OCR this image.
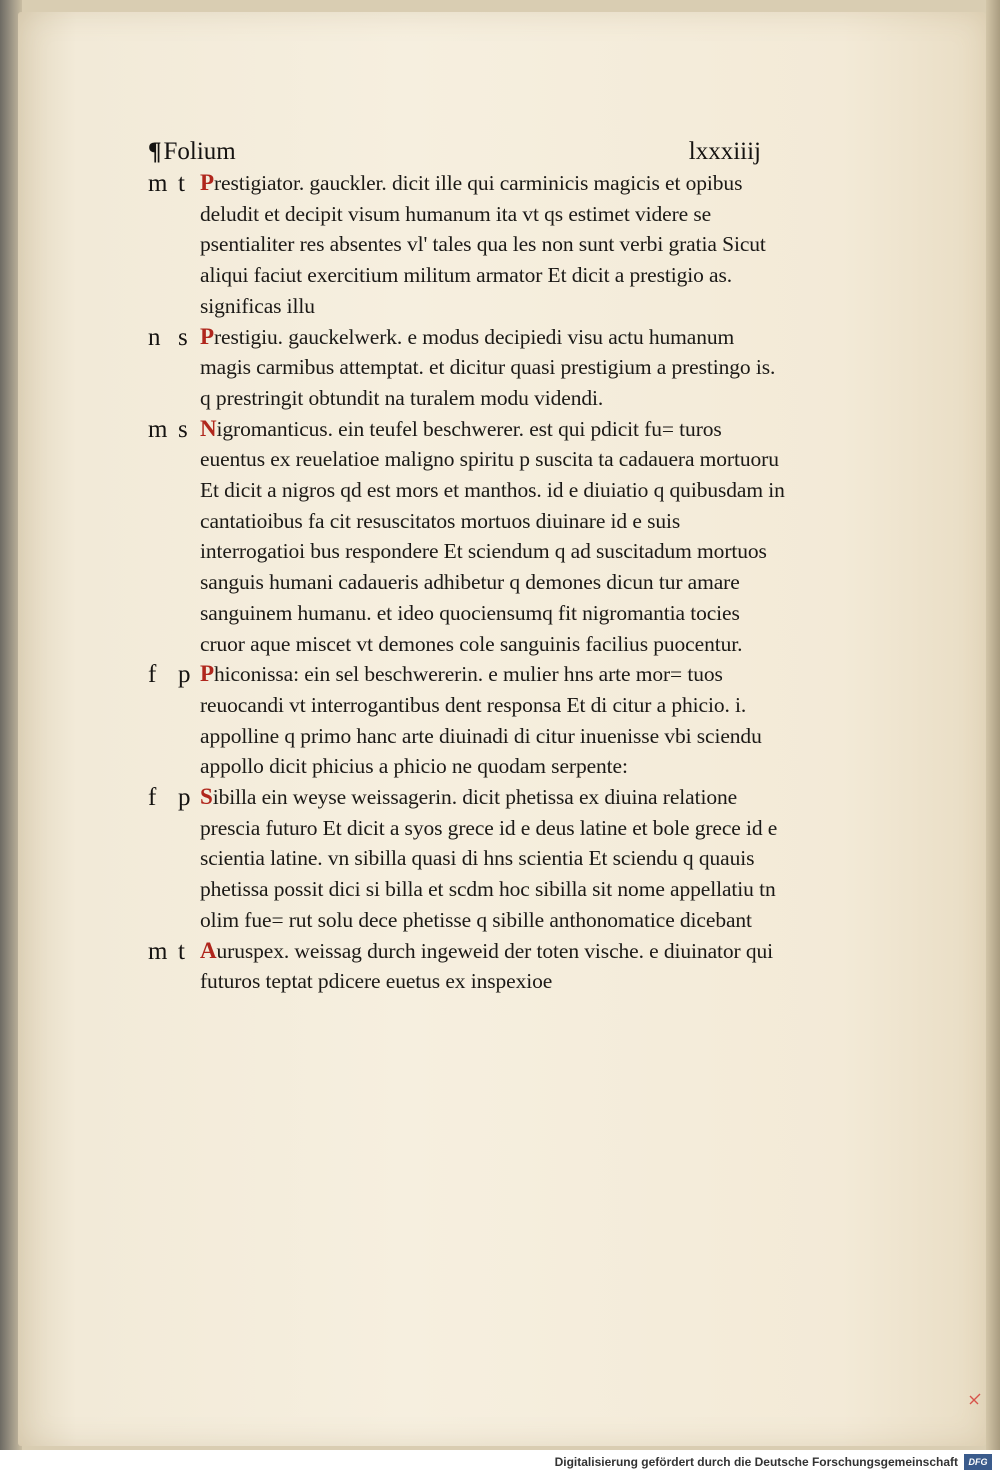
¶Folium	lxxxiiij
m t Prestigiator. gauckler. dicit ille qui carminicis magicis et opibus deludit et decipit visum humanum ita vt qs estimet videre se psentialiter res absentes vl' tales qua les non sunt verbi gratia Sicut aliqui faciut exercitium militum armator Et dicit a prestigio as. significas illu

n s Prestigiu. gauckelwerk. e modus decipiedi visu actu humanum magis carmibus attemptat. et dicitur quasi prestigium a prestingo is. q prestringit obtundit na turalem modu videndi.

m s Nigromanticus. ein teufel beschwerer. est qui pdicit fu= turos euentus ex reuelatioe maligno spiritu p suscita ta cadauera mortuoru Et dicit a nigros qd est mors et manthos. id e diuiatio q quibusdam in cantatioibus fa cit resuscitatos mortuos diuinare id e suis interrogatioi bus respondere Et sciendum q ad suscitadum mortuos sanguis humani cadaueris adhibetur q demones dicun tur amare sanguinem humanu. et ideo quociensumq fit nigromantia tocies cruor aque miscet vt demones cole sanguinis facilius puocentur.

f p Phiconissa: ein sel beschwererin. e mulier hns arte mor= tuos reuocandi vt interrogantibus dent responsa Et di citur a phicio. i. appolline q primo hanc arte diuinadi di citur inuenisse vbi sciendu appollo dicit phicius a phicio ne quodam serpente:

f p Sibilla ein weyse weissagerin. dicit phetissa ex diuina relatione prescia futuro Et dicit a syos grece id e deus latine et bole grece id e scientia latine. vn sibilla quasi di hns scientia Et sciendu q quauis phetissa possit dici si billa et scdm hoc sibilla sit nome appellatiu tn olim fue= rut solu dece phetisse q sibille anthonomatice dicebant

m t Auruspex. weissag durch ingeweid der toten vische. e diuinator qui futuros teptat pdicere euetus ex inspexioe

Digitalisierung gefördert durch die Deutsche Forschungsgemeinschaft	DFG
